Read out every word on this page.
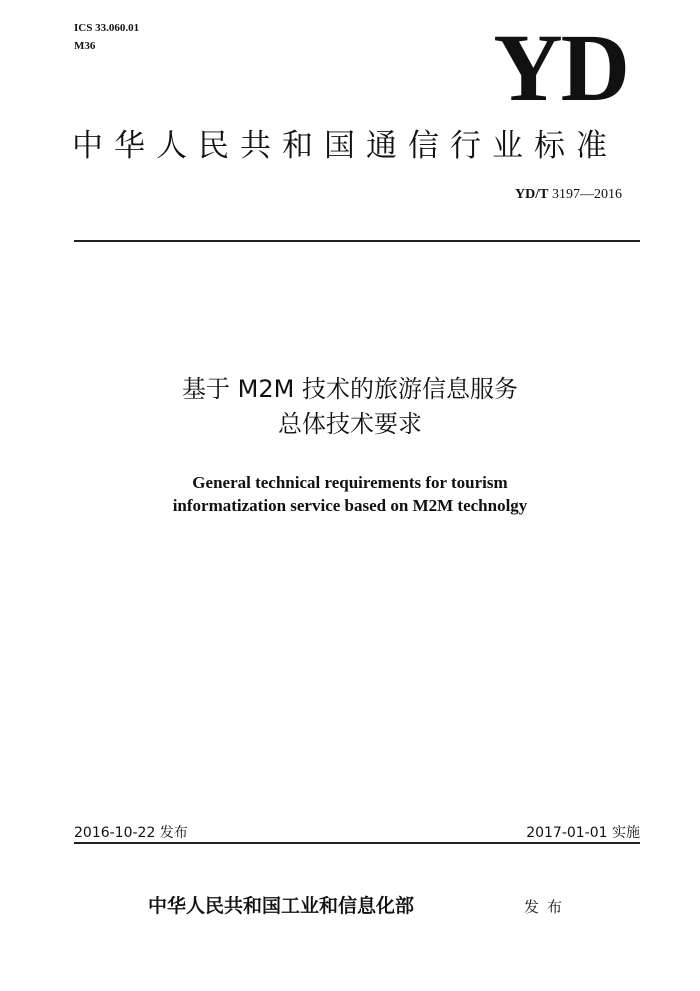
ICS 33.060.01
M36	YD
中华人民共和国通信行业标准
YD/T 3197—2016
基于 M2M 技术的旅游信息服务
总体技术要求
General technical requirements for tourism
informatization service based on M2M technolgy
2016-10-22 发布	2017-01-01 实施
中华人民共和国工业和信息化部	发布
